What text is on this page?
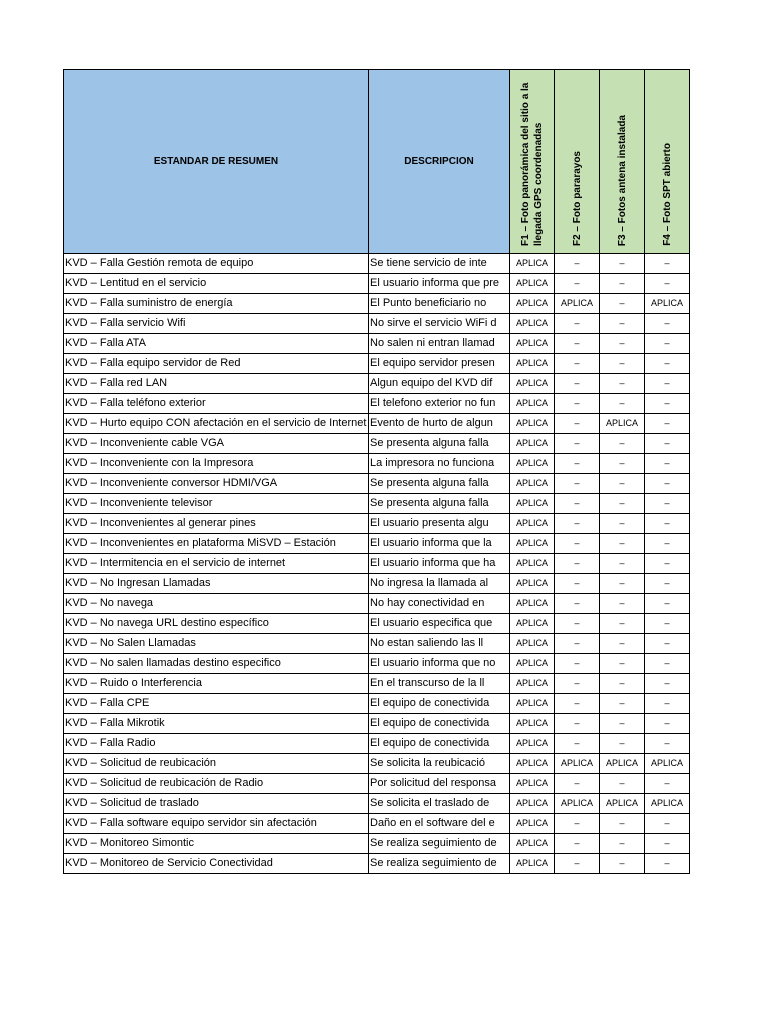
ESTANDAR DE RESUMEN	DESCRIPCION	F1 – Foto panorámica del sitio a la llegada GPS coordenadas	F2 – Foto pararayos	F3 – Fotos antena instalada	F4 – Foto SPT abierto
KVD – Falla Gestión remota de equipo	Se tiene servicio de inte	APLICA	–	–	–
KVD – Lentitud en el servicio	El usuario informa que pre	APLICA	–	–	–
KVD – Falla suministro de energía	El Punto beneficiario no	APLICA	APLICA	–	APLICA
KVD – Falla servicio Wifi	No sirve el servicio WiFi d	APLICA	–	–	–
KVD – Falla ATA	No salen ni entran llamad	APLICA	–	–	–
KVD – Falla equipo servidor de Red	El equipo servidor presen	APLICA	–	–	–
KVD – Falla red LAN	Algun equipo del KVD dif	APLICA	–	–	–
KVD – Falla teléfono exterior	El telefono exterior no fun	APLICA	–	–	–
KVD – Hurto equipo CON afectación en el servicio de Internet	Evento de hurto de algun	APLICA	–	APLICA	–
KVD – Inconveniente cable VGA	Se presenta alguna falla	APLICA	–	–	–
KVD – Inconveniente con la Impresora	La impresora no funciona	APLICA	–	–	–
KVD – Inconveniente conversor HDMI/VGA	Se presenta alguna falla	APLICA	–	–	–
KVD – Inconveniente televisor	Se presenta alguna falla	APLICA	–	–	–
KVD – Inconvenientes al generar pines	El usuario presenta algu	APLICA	–	–	–
KVD – Inconvenientes en plataforma MiSVD – Estación	El usuario informa que la	APLICA	–	–	–
KVD – Intermitencia en el servicio de internet	El usuario informa que ha	APLICA	–	–	–
KVD – No Ingresan Llamadas	No ingresa la llamada al	APLICA	–	–	–
KVD – No navega	No hay conectividad en	APLICA	–	–	–
KVD – No navega URL destino específico	El usuario especifica que	APLICA	–	–	–
KVD – No Salen Llamadas	No estan saliendo las ll	APLICA	–	–	–
KVD – No salen llamadas destino especifico	El usuario informa que no	APLICA	–	–	–
KVD – Ruido o Interferencia	En el transcurso de la ll	APLICA	–	–	–
KVD – Falla CPE	El equipo de conectivida	APLICA	–	–	–
KVD – Falla Mikrotik	El equipo de conectivida	APLICA	–	–	–
KVD – Falla Radio	El equipo de conectivida	APLICA	–	–	–
KVD – Solicitud de reubicación	Se solicita la reubicació	APLICA	APLICA	APLICA	APLICA
KVD – Solicitud de reubicación de Radio	Por solicitud del responsa	APLICA	–	–	–
KVD – Solicitud de traslado	Se solicita el traslado de	APLICA	APLICA	APLICA	APLICA
KVD – Falla software equipo servidor sin afectación	Daño en el software del e	APLICA	–	–	–
KVD – Monitoreo Simontic	Se realiza seguimiento de	APLICA	–	–	–
KVD – Monitoreo de Servicio Conectividad	Se realiza seguimiento de	APLICA	–	–	–
